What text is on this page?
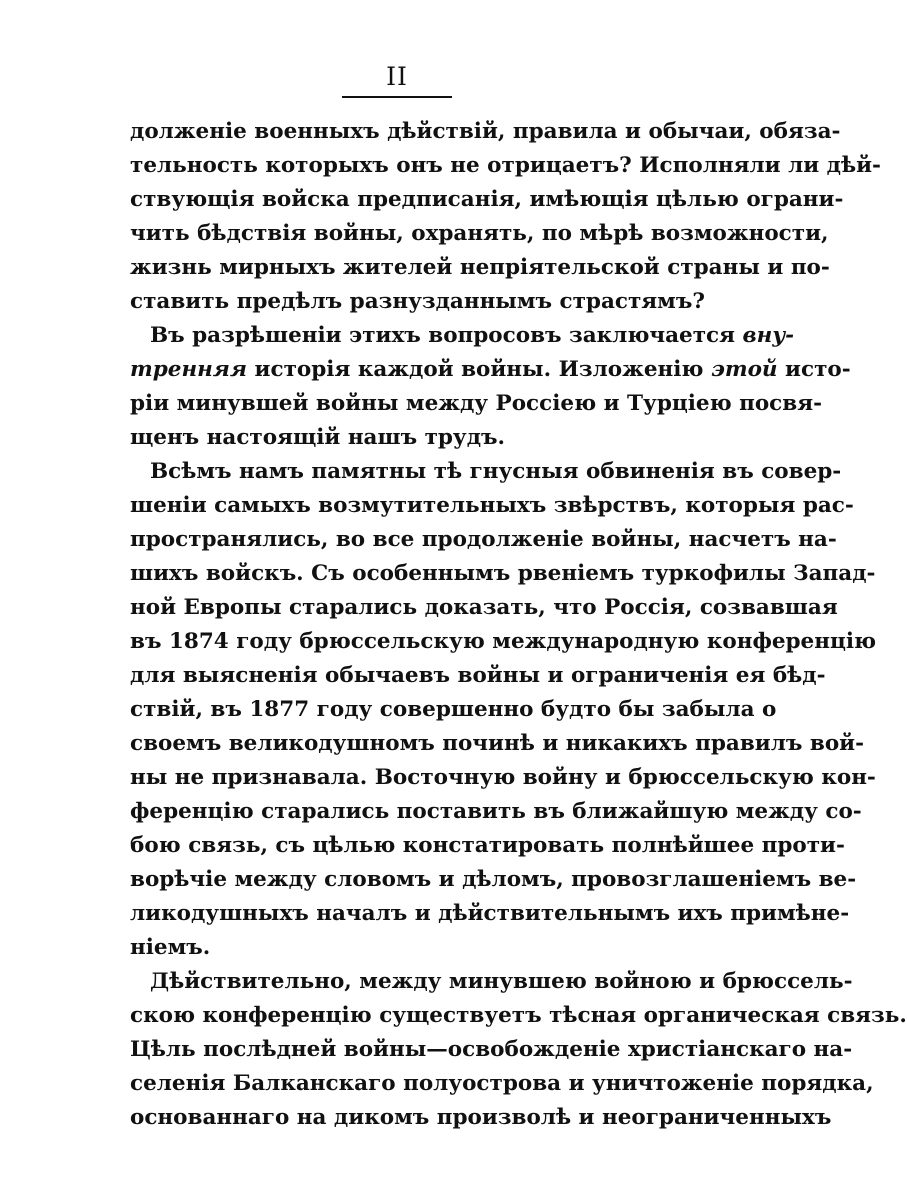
II
долженіе военныхъ дѣйствій, правила и обычаи, обяза-
тельность которыхъ онъ не отрицаетъ? Исполняли ли дѣй-
ствующія войска предписанія, имѣющія цѣлью ограни-
чить бѣдствія войны, охранять, по мѣрѣ возможности,
жизнь мирныхъ жителей непріятельской страны и по-
ставить предѣлъ разнузданнымъ страстямъ?
Въ разрѣшеніи этихъ вопросовъ заключается вну-
тренняя исторія каждой войны. Изложенію этой исто-
ріи минувшей войны между Россіею и Турціею посвя-
щенъ настоящій нашъ трудъ.
Всѣмъ намъ памятны тѣ гнусныя обвиненія въ совер-
шеніи самыхъ возмутительныхъ звѣрствъ, которыя рас-
пространялись, во все продолженіе войны, насчетъ на-
шихъ войскъ. Съ особеннымъ рвеніемъ туркофилы Запад-
ной Европы старались доказать, что Россія, созвавшая
въ 1874 году брюссельскую международную конференцію
для выясненія обычаевъ войны и ограниченія ея бѣд-
ствій, въ 1877 году совершенно будто бы забыла о
своемъ великодушномъ починѣ и никакихъ правилъ вой-
ны не признавала. Восточную войну и брюссельскую кон-
ференцію старались поставить въ ближайшую между со-
бою связь, съ цѣлью констатировать полнѣйшее проти-
ворѣчіе между словомъ и дѣломъ, провозглашеніемъ ве-
ликодушныхъ началъ и дѣйствительнымъ ихъ примѣне-
ніемъ.
Дѣйствительно, между минувшею войною и брюссель-
скою конференцію существуетъ тѣсная органическая связь.
Цѣль послѣдней войны—освобожденіе христіанскаго на-
селенія Балканскаго полуострова и уничтоженіе порядка,
основаннаго на дикомъ произволѣ и неограниченныхъ
